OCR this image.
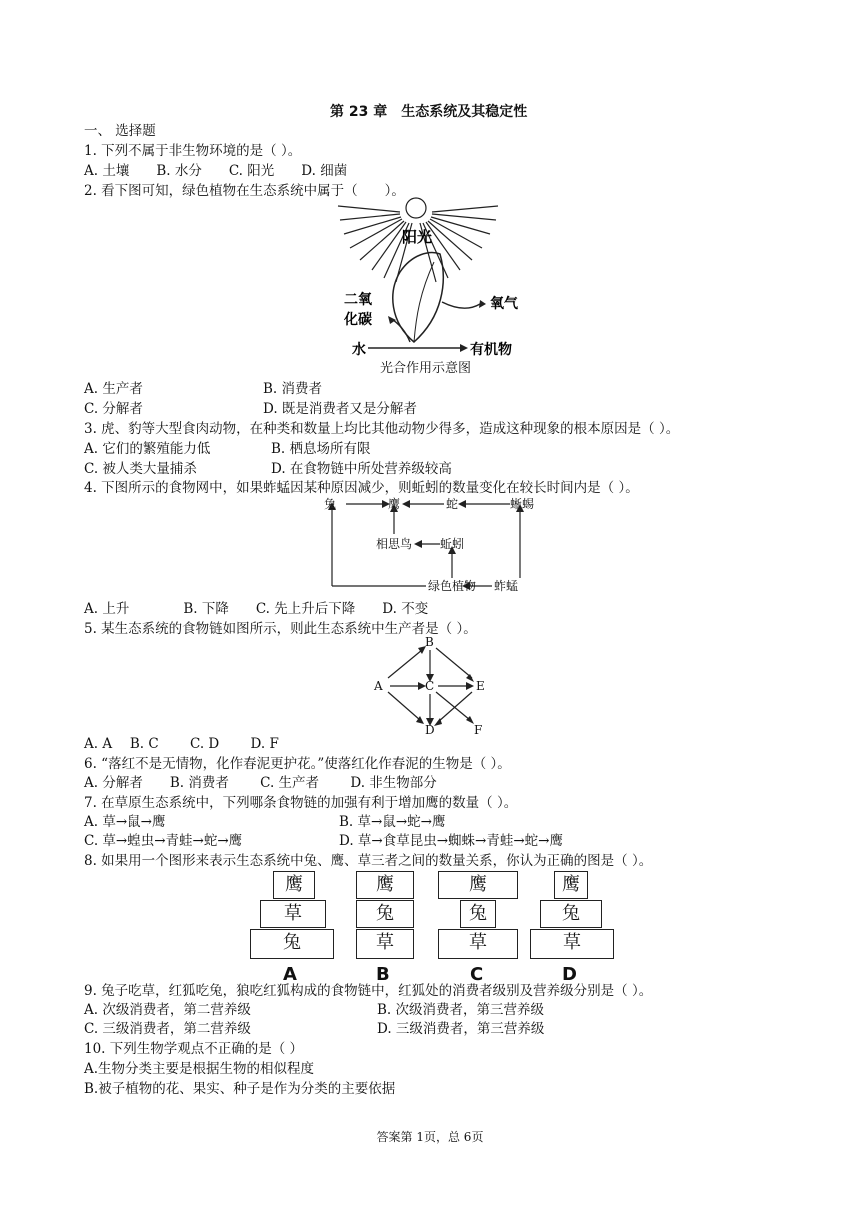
第 23 章　生态系统及其稳定性
一、 选择题
1. 下列不属于非生物环境的是（ ）。
A. 土壤　　B. 水分　　C. 阳光　　D. 细菌
2. 看下图可知，绿色植物在生态系统中属于（　　）。
阳光
二氧
化碳
氧气
水	有机物
光合作用示意图
A. 生产者	B. 消费者
C. 分解者	D. 既是消费者又是分解者
3. 虎、豹等大型食肉动物，在种类和数量上均比其他动物少得多，造成这种现象的根本原因是（ ）。
A. 它们的繁殖能力低	B. 栖息场所有限
C. 被人类大量捕杀	D. 在食物链中所处营养级较高
4. 下图所示的食物网中，如果蚱蜢因某种原因减少，则蚯蚓的数量变化在较长时间内是（ ）。
兔	鹰	蛇	蜥蜴
相思鸟 蚯蚓
绿色植物 蚱蜢
A. 上升　　　　B. 下降　　C. 先上升后下降　　D. 不变
5. 某生态系统的食物链如图所示，则此生态系统中生产者是（ ）。
B
A	C	E
D	F
A. A　 B. C　　 C. D　　 D. F
6. “落红不是无情物，化作春泥更护花。”使落红化作春泥的生物是（ ）。
A. 分解者　　B. 消费者　　 C. 生产者　　 D. 非生物部分
7. 在草原生态系统中，下列哪条食物链的加强有利于增加鹰的数量（ ）。
A. 草→鼠→鹰	B. 草→鼠→蛇→鹰
C. 草→蝗虫→青蛙→蛇→鹰	D. 草→食草昆虫→蜘蛛→青蛙→蛇→鹰
8. 如果用一个图形来表示生态系统中兔、鹰、草三者之间的数量关系，你认为正确的图是（ ）。
鹰
草
兔
A
鹰
兔
草
B
鹰
兔
草
C
鹰
兔
草
D
9. 兔子吃草，红狐吃兔，狼吃红狐构成的食物链中，红狐处的消费者级别及营养级分别是（ ）。
A. 次级消费者，第二营养级	B. 次级消费者，第三营养级
C. 三级消费者，第二营养级	D. 三级消费者，第三营养级
10. 下列生物学观点不正确的是（ ）
A.生物分类主要是根据生物的相似程度
B.被子植物的花、果实、种子是作为分类的主要依据
答案第 1页，总 6页
